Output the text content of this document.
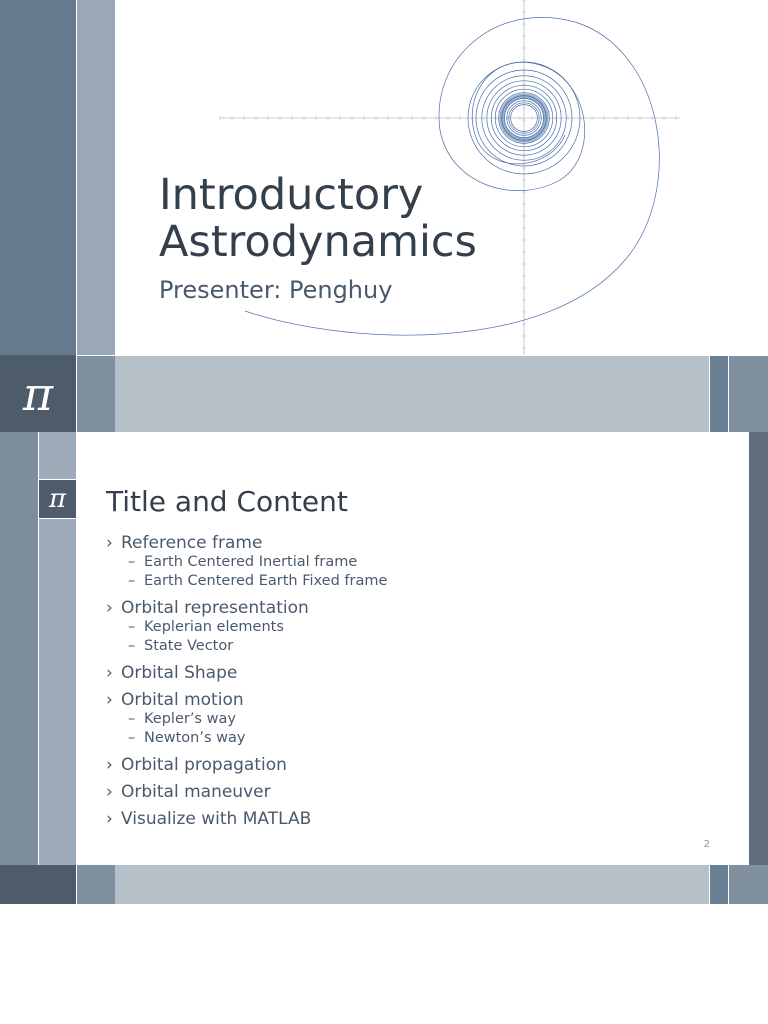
Introductory
Astrodynamics
Presenter: Penghuy
π
π Title and Content
› Reference frame
– Earth Centered Inertial frame
– Earth Centered Earth Fixed frame
› Orbital representation
– Keplerian elements
– State Vector
› Orbital Shape
› Orbital motion
– Kepler’s way
– Newton’s way
› Orbital propagation
› Orbital maneuver
› Visualize with MATLAB
2
